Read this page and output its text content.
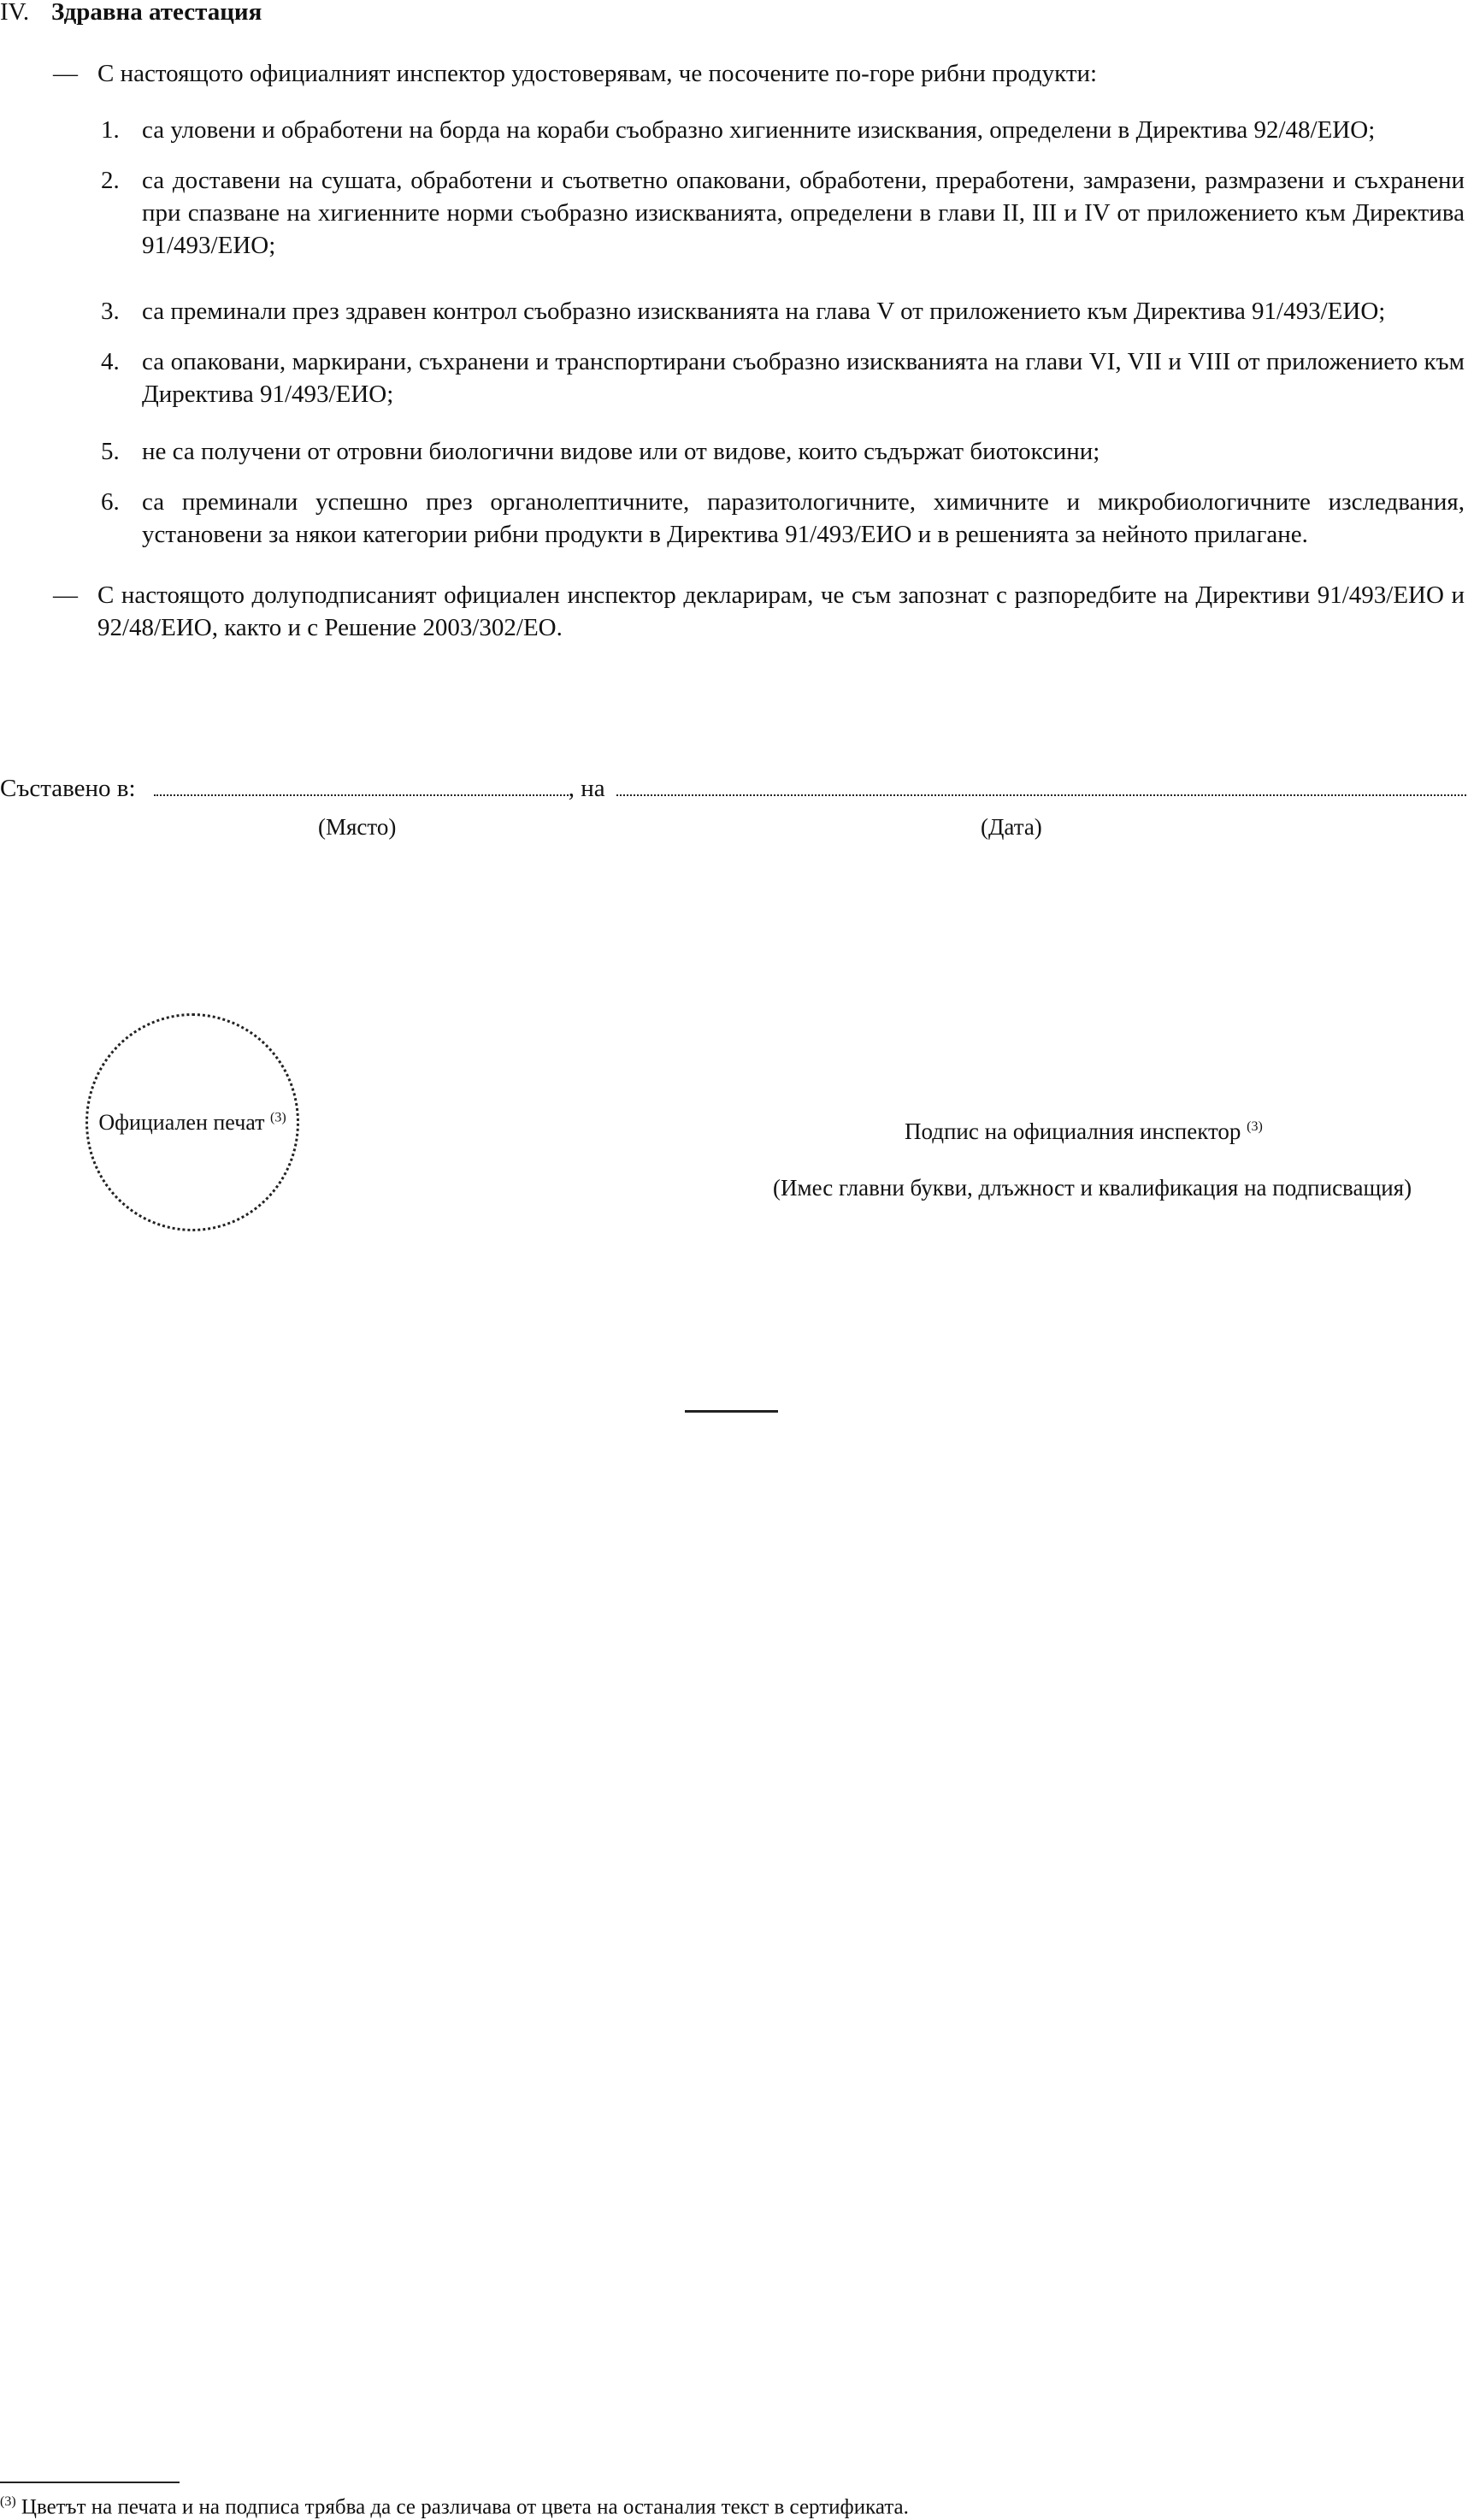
IV. Здравна атестация
— С настоящото официалният инспектор удостоверявам, че посочените по-горе рибни продукти:
1. са уловени и обработени на борда на кораби съобразно хигиенните изисквания, определени в Директива 92/48/ЕИО;
2. са доставени на сушата, обработени и съответно опаковани, обработени, преработени, замразени, размразени и съхранени при спазване на хигиенните норми съобразно изискванията, определени в глави II, III и IV от приложението към Директива 91/493/ЕИО;
3. са преминали през здравен контрол съобразно изискванията на глава V от приложението към Директива 91/493/ЕИО;
4. са опаковани, маркирани, съхранени и транспортирани съобразно изискванията на глави VI, VII и VIII от приложението към Директива 91/493/ЕИО;
5. не са получени от отровни биологични видове или от видове, които съдържат биотоксини;
6. са преминали успешно през органолептичните, паразитологичните, химичните и микробиологичните изследвания, установени за някои категории рибни продукти в Директива 91/493/ЕИО и в решенията за нейното прилагане.
— С настоящото долуподписаният официален инспектор декларирам, че съм запознат с разпоредбите на Директиви 91/493/ЕИО и 92/48/ЕИО, както и с Решение 2003/302/ЕО.
Съставено в:	, на
(Място)	(Дата)
Официален печат $^{(3)}$
Подпис на официалния инспектор $^{(3)}$
(Имес главни букви, длъжност и квалификация на подписващия)
$^{(3)}$ Цветът на печата и на подписа трябва да се различава от цвета на останалия текст в сертификата.
